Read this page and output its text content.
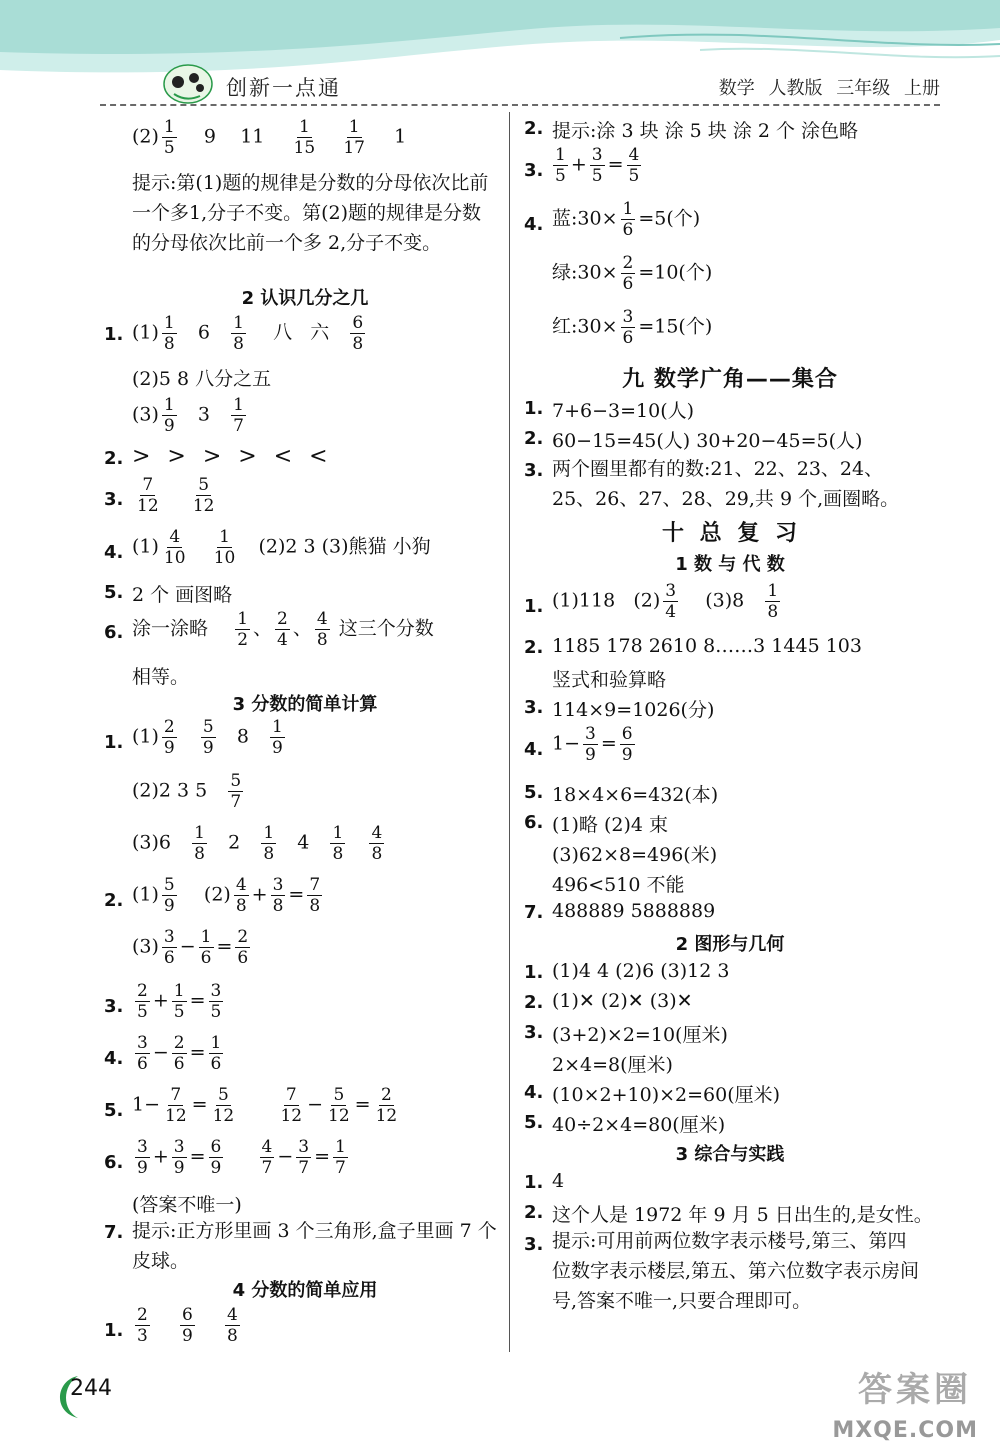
创新一点通	数学 人教版 三年级 上册
$(2) \frac{1}{5} 9$ $11 \frac{1}{15}$
$\frac{1}{17} 1$
提示:第(1)题的规律是分数的分母依次比前一个多1,分子不变。第(2)题的规律是分数的分母依次比前一个多 2,分子不变。
2 认识几分之几
1. $(1) \frac{1}{8} 6 \frac{1}{8}$ 八 六 $\frac{6}{8}$
(2)5 8 八分之五
$(3) \frac{1}{9} 3 \frac{1}{7}$
2. > > > > < <
3. $\frac{7}{12}$
$\frac{5}{12}$
4. $(1) \frac{4}{10}$
$\frac{1}{10} (2)2$ 3 (3)熊猫 小狗
5. 2 个 画图略
6. 涂一涂略 $\frac{1}{2}$ 、 $\frac{2}{4}$ 、 $\frac{4}{8}$ 这三个分数
相等。
3 分数的简单计算
1. $(1) \frac{2}{9}$
$\frac{5}{9} 8 \frac{1}{9}$
(2)2 3 $5 \frac{5}{7}$
$(3)6 \frac{1}{8} 2 \frac{1}{8} 4 \frac{1}{8}$
$\frac{4}{8}$
2. $(1) \frac{5}{9} (2) \frac{4}{8} + \frac{3}{8} = \frac{7}{8}$
$(3) \frac{3}{6} - \frac{1}{6} = \frac{2}{6}$
3. $\frac{2}{5} + \frac{1}{5} = \frac{3}{5}$
4. $\frac{3}{6} - \frac{2}{6} = \frac{1}{6}$
5. $1- \frac{7}{12} = \frac{5}{12}$
$\frac{7}{12} - \frac{5}{12} = \frac{2}{12}$
6. $\frac{3}{9} + \frac{3}{9} = \frac{6}{9}$
$\frac{4}{7} - \frac{3}{7} = \frac{1}{7}$
(答案不唯一)
7. 提示:正方形里画 3 个三角形,盒子里画 7 个皮球。
4 分数的简单应用
1. $\frac{2}{3}$
$\frac{6}{9}$
$\frac{4}{8}$
2. 提示:涂 3 块 涂 5 块 涂 2 个 涂色略
3. $\frac{1}{5} + \frac{3}{5} = \frac{4}{5}$
4. 蓝:30× $\frac{1}{6} =5$(个)
绿:30× $\frac{2}{6} =10$(个)
红:30× $\frac{3}{6} =15$(个)
九 数学广角——集合
1. 7+6−3=10(人)
2. 60−15=45(人) 30+20−45=5(人)
3. 两个圈里都有的数:21、22、23、24、25、26、27、28、29,共 9 个,画圈略。
十 总 复 习
1 数 与 代 数
1. (1)118 $(2) \frac{3}{4} (3)8 \frac{1}{8}$
2. 1185 178 2610 8……3 1445 103
竖式和验算略
3. 114×9=1026(分)
4. $1- \frac{3}{9} = \frac{6}{9}$
5. 18×4×6=432(本)
6. (1)略 (2)4 束
(3)62×8=496(米)
496<510 不能
7. 488889 5888889
2 图形与几何
1. (1)4 4 (2)6 (3)12 3
2. (1)✕ (2)✕ (3)✕
3. (3+2)×2=10(厘米)
2×4=8(厘米)
4. (10×2+10)×2=60(厘米)
5. 40÷2×4=80(厘米)
3 综合与实践
1. 4
2. 这个人是 1972 年 9 月 5 日出生的,是女性。
3. 提示:可用前两位数字表示楼号,第三、第四位数字表示楼层,第五、第六位数字表示房间号,答案不唯一,只要合理即可。
244	答案圈
MXQE.COM
